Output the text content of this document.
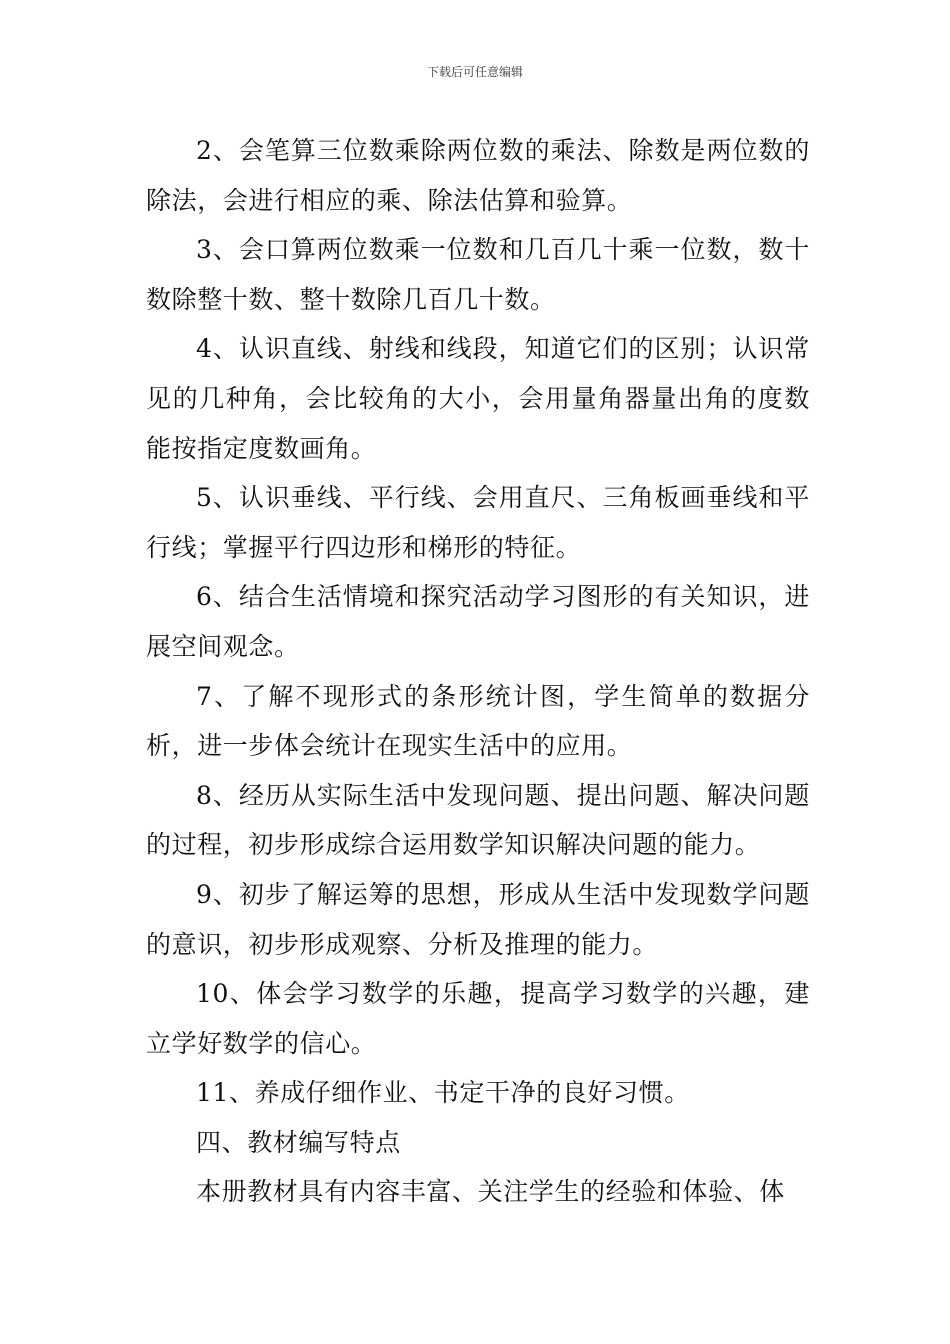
下载后可任意编辑

2、会笔算三位数乘除两位数的乘法、除数是两位数的除法，会进行相应的乘、除法估算和验算。

3、会口算两位数乘一位数和几百几十乘一位数，数十数除整十数、整十数除几百几十数。

4、认识直线、射线和线段，知道它们的区别；认识常见的几种角，会比较角的大小，会用量角器量出角的度数能按指定度数画角。

5、认识垂线、平行线、会用直尺、三角板画垂线和平行线；掌握平行四边形和梯形的特征。

6、结合生活情境和探究活动学习图形的有关知识，进展空间观念。

7、了解不现形式的条形统计图，学生简单的数据分析，进一步体会统计在现实生活中的应用。

8、经历从实际生活中发现问题、提出问题、解决问题的过程，初步形成综合运用数学知识解决问题的能力。

9、初步了解运筹的思想，形成从生活中发现数学问题的意识，初步形成观察、分析及推理的能力。

10、体会学习数学的乐趣，提高学习数学的兴趣，建立学好数学的信心。

11、养成仔细作业、书定干净的良好习惯。

四、教材编写特点

本册教材具有内容丰富、关注学生的经验和体验、体
